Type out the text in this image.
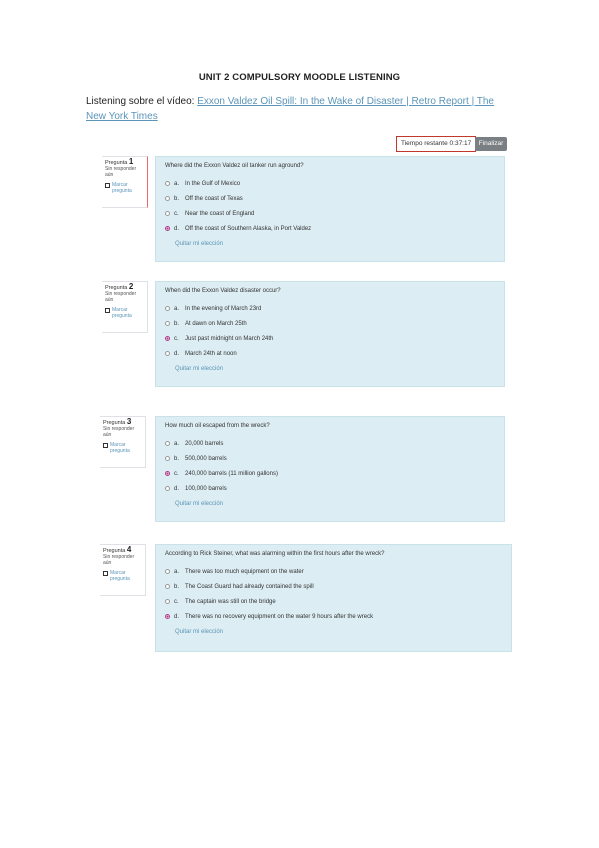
UNIT 2 COMPULSORY MOODLE LISTENING
Listening sobre el vídeo: Exxon Valdez Oil Spill: In the Wake of Disaster | Retro Report | The New York Times
Tiempo restante 0:37:17	Finalizar
Pregunta 1
Sin responder aún
Marcar pregunta
Where did the Exxon Valdez oil tanker run aground?
a. In the Gulf of Mexico
b. Off the coast of Texas
c.	Near the coast of England
d. Off the coast of Southern Alaska, in Port Valdez
Quitar mi elección
Pregunta 2
Sin responder aún
Marcar pregunta
When did the Exxon Valdez disaster occur?
a. In the evening of March 23rd
b. At dawn on March 25th
c.	Just past midnight on March 24th
d. March 24th at noon
Quitar mi elección
Pregunta 3
Sin responder aún
Marcar pregunta
How much oil escaped from the wreck?
a. 20,000 barrels
b. 500,000 barrels
c.	240,000 barrels (11 million gallons)
d. 100,000 barrels
Quitar mi elección
Pregunta 4
Sin responder aún
Marcar pregunta
According to Rick Steiner, what was alarming within the first hours after the wreck?
a. There was too much equipment on the water
b. The Coast Guard had already contained the spill
c.	The captain was still on the bridge
d. There was no recovery equipment on the water 9 hours after the wreck
Quitar mi elección
